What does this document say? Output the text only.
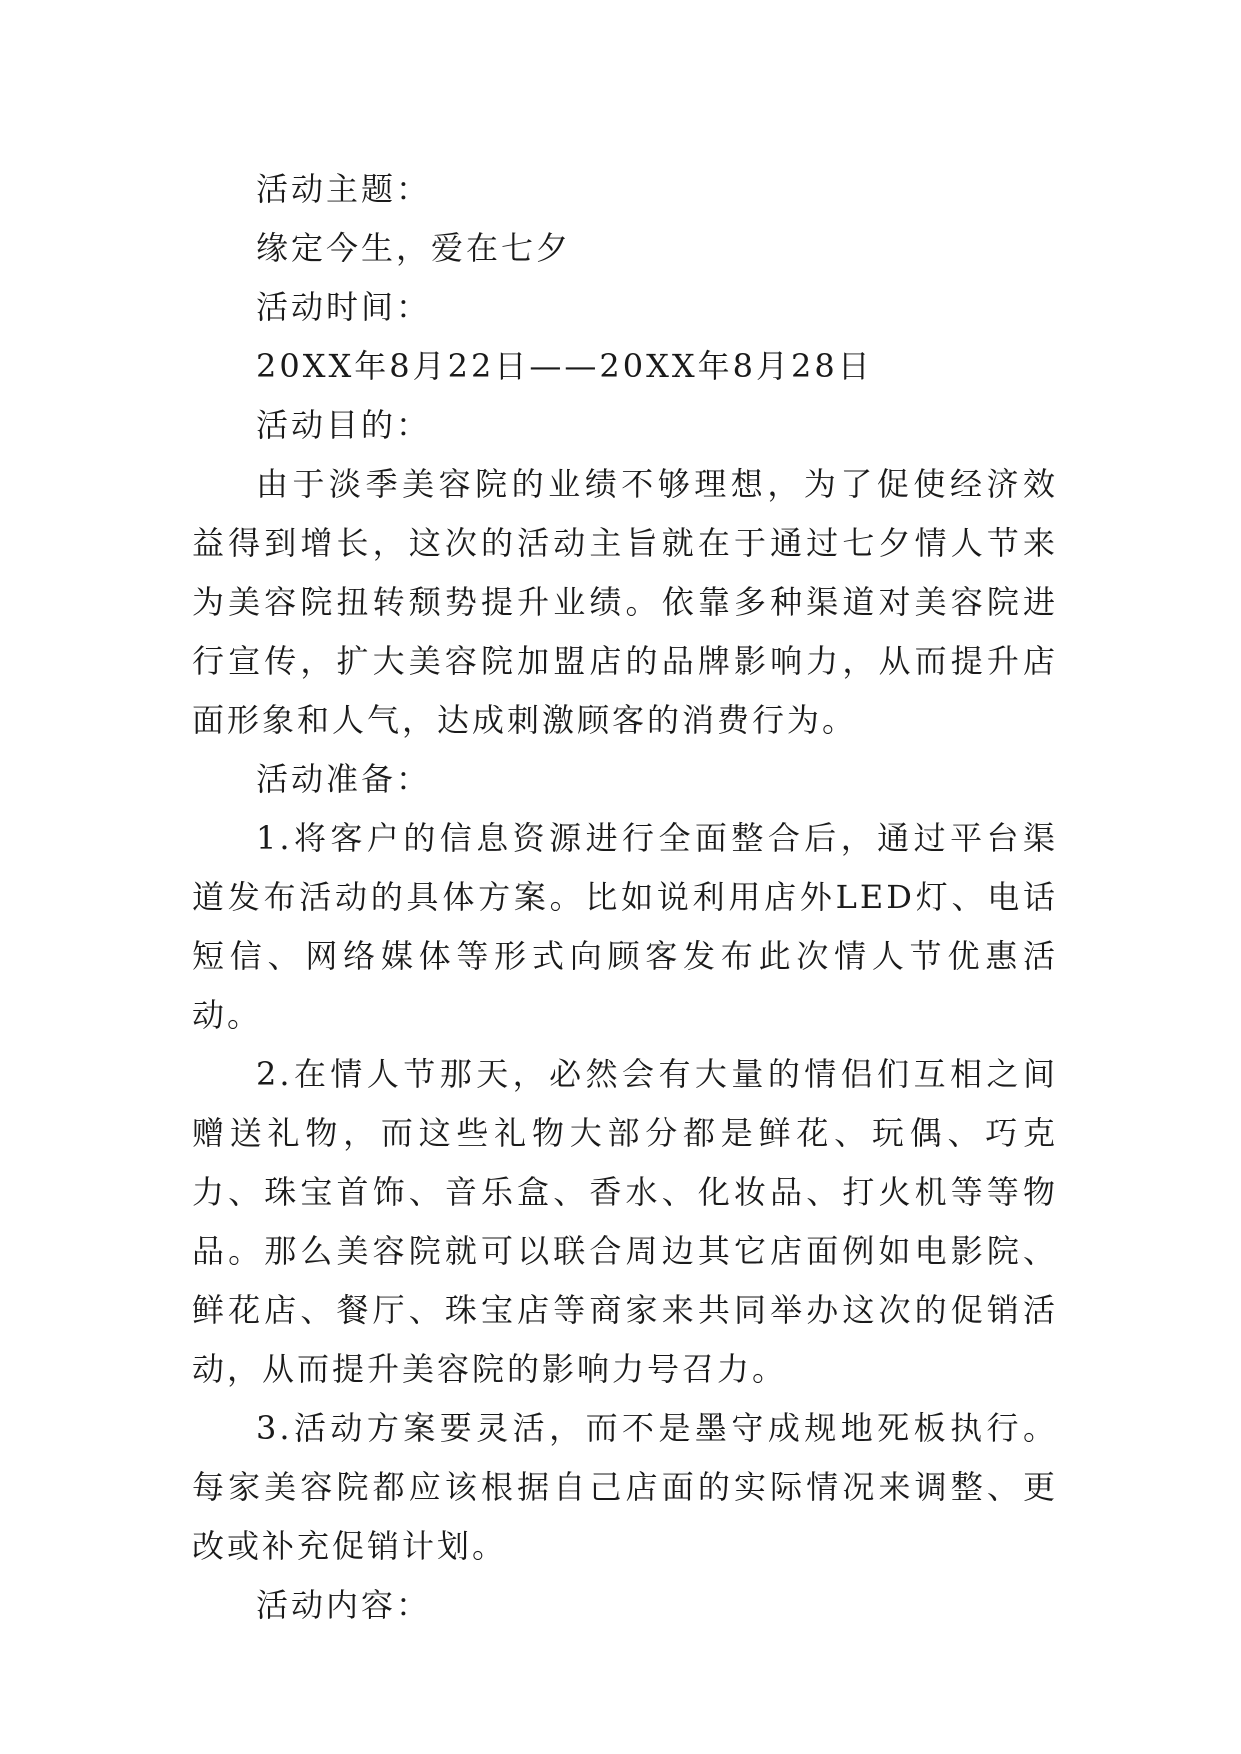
活动主题：

缘定今生，爱在七夕

活动时间：

20XX年8月22日——20XX年8月28日

活动目的：

由于淡季美容院的业绩不够理想，为了促使经济效益得到增长，这次的活动主旨就在于通过七夕情人节来为美容院扭转颓势提升业绩。依靠多种渠道对美容院进行宣传，扩大美容院加盟店的品牌影响力，从而提升店面形象和人气，达成刺激顾客的消费行为。

活动准备：

1.将客户的信息资源进行全面整合后，通过平台渠道发布活动的具体方案。比如说利用店外LED灯、电话短信、网络媒体等形式向顾客发布此次情人节优惠活动。

2.在情人节那天，必然会有大量的情侣们互相之间赠送礼物，而这些礼物大部分都是鲜花、玩偶、巧克力、珠宝首饰、音乐盒、香水、化妆品、打火机等等物品。那么美容院就可以联合周边其它店面例如电影院、鲜花店、餐厅、珠宝店等商家来共同举办这次的促销活动，从而提升美容院的影响力号召力。

3.活动方案要灵活，而不是墨守成规地死板执行。每家美容院都应该根据自己店面的实际情况来调整、更改或补充促销计划。

活动内容：
